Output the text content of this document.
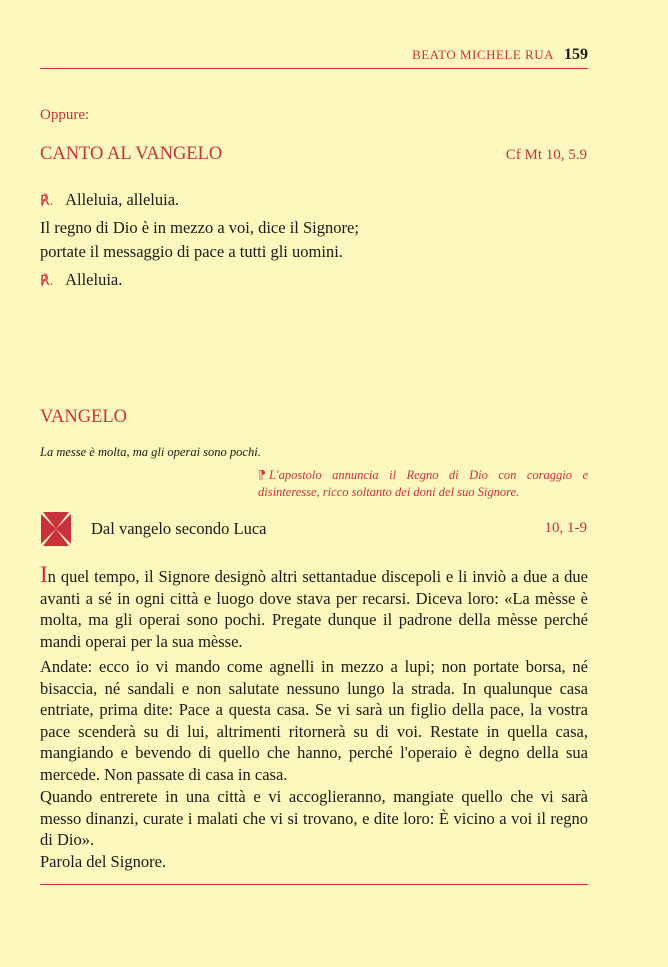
BEATO MICHELE RUA 159
Oppure:
CANTO AL VANGELO	Cf Mt 10, 5.9
℟. Alleluia, alleluia.
Il regno di Dio è in mezzo a voi, dice il Signore;
portate il messaggio di pace a tutti gli uomini.
℟. Alleluia.
VANGELO
La messe è molta, ma gli operai sono pochi.
⁋ L'apostolo annuncia il Regno di Dio con coraggio e disinteresse, ricco soltanto dei doni del suo Signore.
Dal vangelo secondo Luca	10, 1-9

In quel tempo, il Signore designò altri settantadue discepoli e li inviò a due a due avanti a sé in ogni città e luogo dove stava per recarsi. Diceva loro: «La mèsse è molta, ma gli operai sono pochi. Pregate dunque il padrone della mèsse perché mandi operai per la sua mèsse.

Andate: ecco io vi mando come agnelli in mezzo a lupi; non portate borsa, né bisaccia, né sandali e non salutate nessuno lungo la strada. In qualunque casa entriate, prima dite: Pace a questa casa. Se vi sarà un figlio della pace, la vostra pace scenderà su di lui, altrimenti ritornerà su di voi. Restate in quella casa, mangiando e bevendo di quello che hanno, perché l'operaio è degno della sua mercede. Non passate di casa in casa.

Quando entrerete in una città e vi accoglieranno, mangiate quello che vi sarà messo dinanzi, curate i malati che vi si trovano, e dite loro: È vicino a voi il regno di Dio».

Parola del Signore.
